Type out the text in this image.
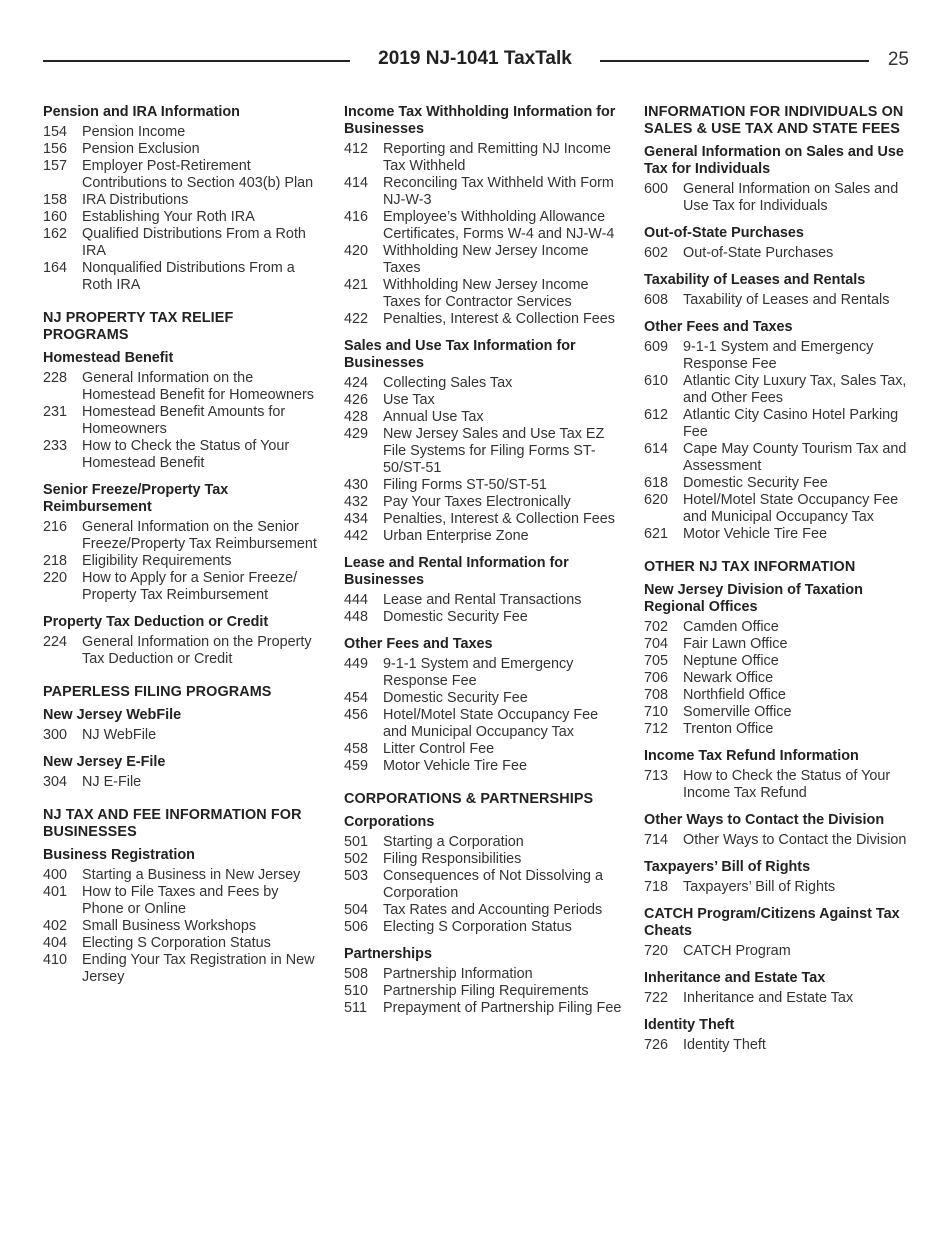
2019 NJ-1041 TaxTalk	25
Pension and IRA Information
154	Pension Income
156	Pension Exclusion
157	Employer Post-Retirement Contributions to Section 403(b) Plan
158	IRA Distributions
160	Establishing Your Roth IRA
162	Qualified Distributions From a Roth IRA
164	Nonqualified Distributions From a Roth IRA
NJ PROPERTY TAX RELIEF PROGRAMS
Homestead Benefit
228	General Information on the Homestead Benefit for Homeowners
231	Homestead Benefit Amounts for Homeowners
233	How to Check the Status of Your Homestead Benefit
Senior Freeze/Property Tax Reimbursement
216	General Information on the Senior Freeze/Property Tax Reimbursement
218	Eligibility Requirements
220	How to Apply for a Senior Freeze/ Property Tax Reimbursement
Property Tax Deduction or Credit
224	General Information on the Property Tax Deduction or Credit
PAPERLESS FILING PROGRAMS
New Jersey WebFile
300	NJ WebFile
New Jersey E-File
304	NJ E-File
NJ TAX AND FEE INFORMATION FOR BUSINESSES
Business Registration
400	Starting a Business in New Jersey
401	How to File Taxes and Fees by Phone or Online
402	Small Business Workshops
404	Electing S Corporation Status
410	Ending Your Tax Registration in New Jersey
Income Tax Withholding Information for Businesses
412	Reporting and Remitting NJ Income Tax Withheld
414	Reconciling Tax Withheld With Form NJ-W-3
416	Employee’s Withholding Allowance Certificates, Forms W-4 and NJ-W-4
420	Withholding New Jersey Income Taxes
421	Withholding New Jersey Income Taxes for Contractor Services
422	Penalties, Interest & Collection Fees
Sales and Use Tax Information for Businesses
424	Collecting Sales Tax
426	Use Tax
428	Annual Use Tax
429	New Jersey Sales and Use Tax EZ File Systems for Filing Forms ST-50/ST-51
430	Filing Forms ST-50/ST-51
432	Pay Your Taxes Electronically
434	Penalties, Interest & Collection Fees
442	Urban Enterprise Zone
Lease and Rental Information for Businesses
444	Lease and Rental Transactions
448	Domestic Security Fee
Other Fees and Taxes
449	9-1-1 System and Emergency Response Fee
454	Domestic Security Fee
456	Hotel/Motel State Occupancy Fee and Municipal Occupancy Tax
458	Litter Control Fee
459	Motor Vehicle Tire Fee
CORPORATIONS & PARTNERSHIPS
Corporations
501	Starting a Corporation
502	Filing Responsibilities
503	Consequences of Not Dissolving a Corporation
504	Tax Rates and Accounting Periods
506	Electing S Corporation Status
Partnerships
508	Partnership Information
510	Partnership Filing Requirements
511	Prepayment of Partnership Filing Fee
INFORMATION FOR INDIVIDUALS ON SALES & USE TAX AND STATE FEES
General Information on Sales and Use Tax for Individuals
600	General Information on Sales and Use Tax for Individuals
Out-of-State Purchases
602	Out-of-State Purchases
Taxability of Leases and Rentals
608	Taxability of Leases and Rentals
Other Fees and Taxes
609	9-1-1 System and Emergency Response Fee
610	Atlantic City Luxury Tax, Sales Tax, and Other Fees
612	Atlantic City Casino Hotel Parking Fee
614	Cape May County Tourism Tax and Assessment
618	Domestic Security Fee
620	Hotel/Motel State Occupancy Fee and Municipal Occupancy Tax
621	Motor Vehicle Tire Fee
OTHER NJ TAX INFORMATION
New Jersey Division of Taxation Regional Offices
702	Camden Office
704	Fair Lawn Office
705	Neptune Office
706	Newark Office
708	Northfield Office
710	Somerville Office
712	Trenton Office
Income Tax Refund Information
713	How to Check the Status of Your Income Tax Refund
Other Ways to Contact the Division
714	Other Ways to Contact the Division
Taxpayers’ Bill of Rights
718	Taxpayers’ Bill of Rights
CATCH Program/Citizens Against Tax Cheats
720	CATCH Program
Inheritance and Estate Tax
722	Inheritance and Estate Tax
Identity Theft
726	Identity Theft
